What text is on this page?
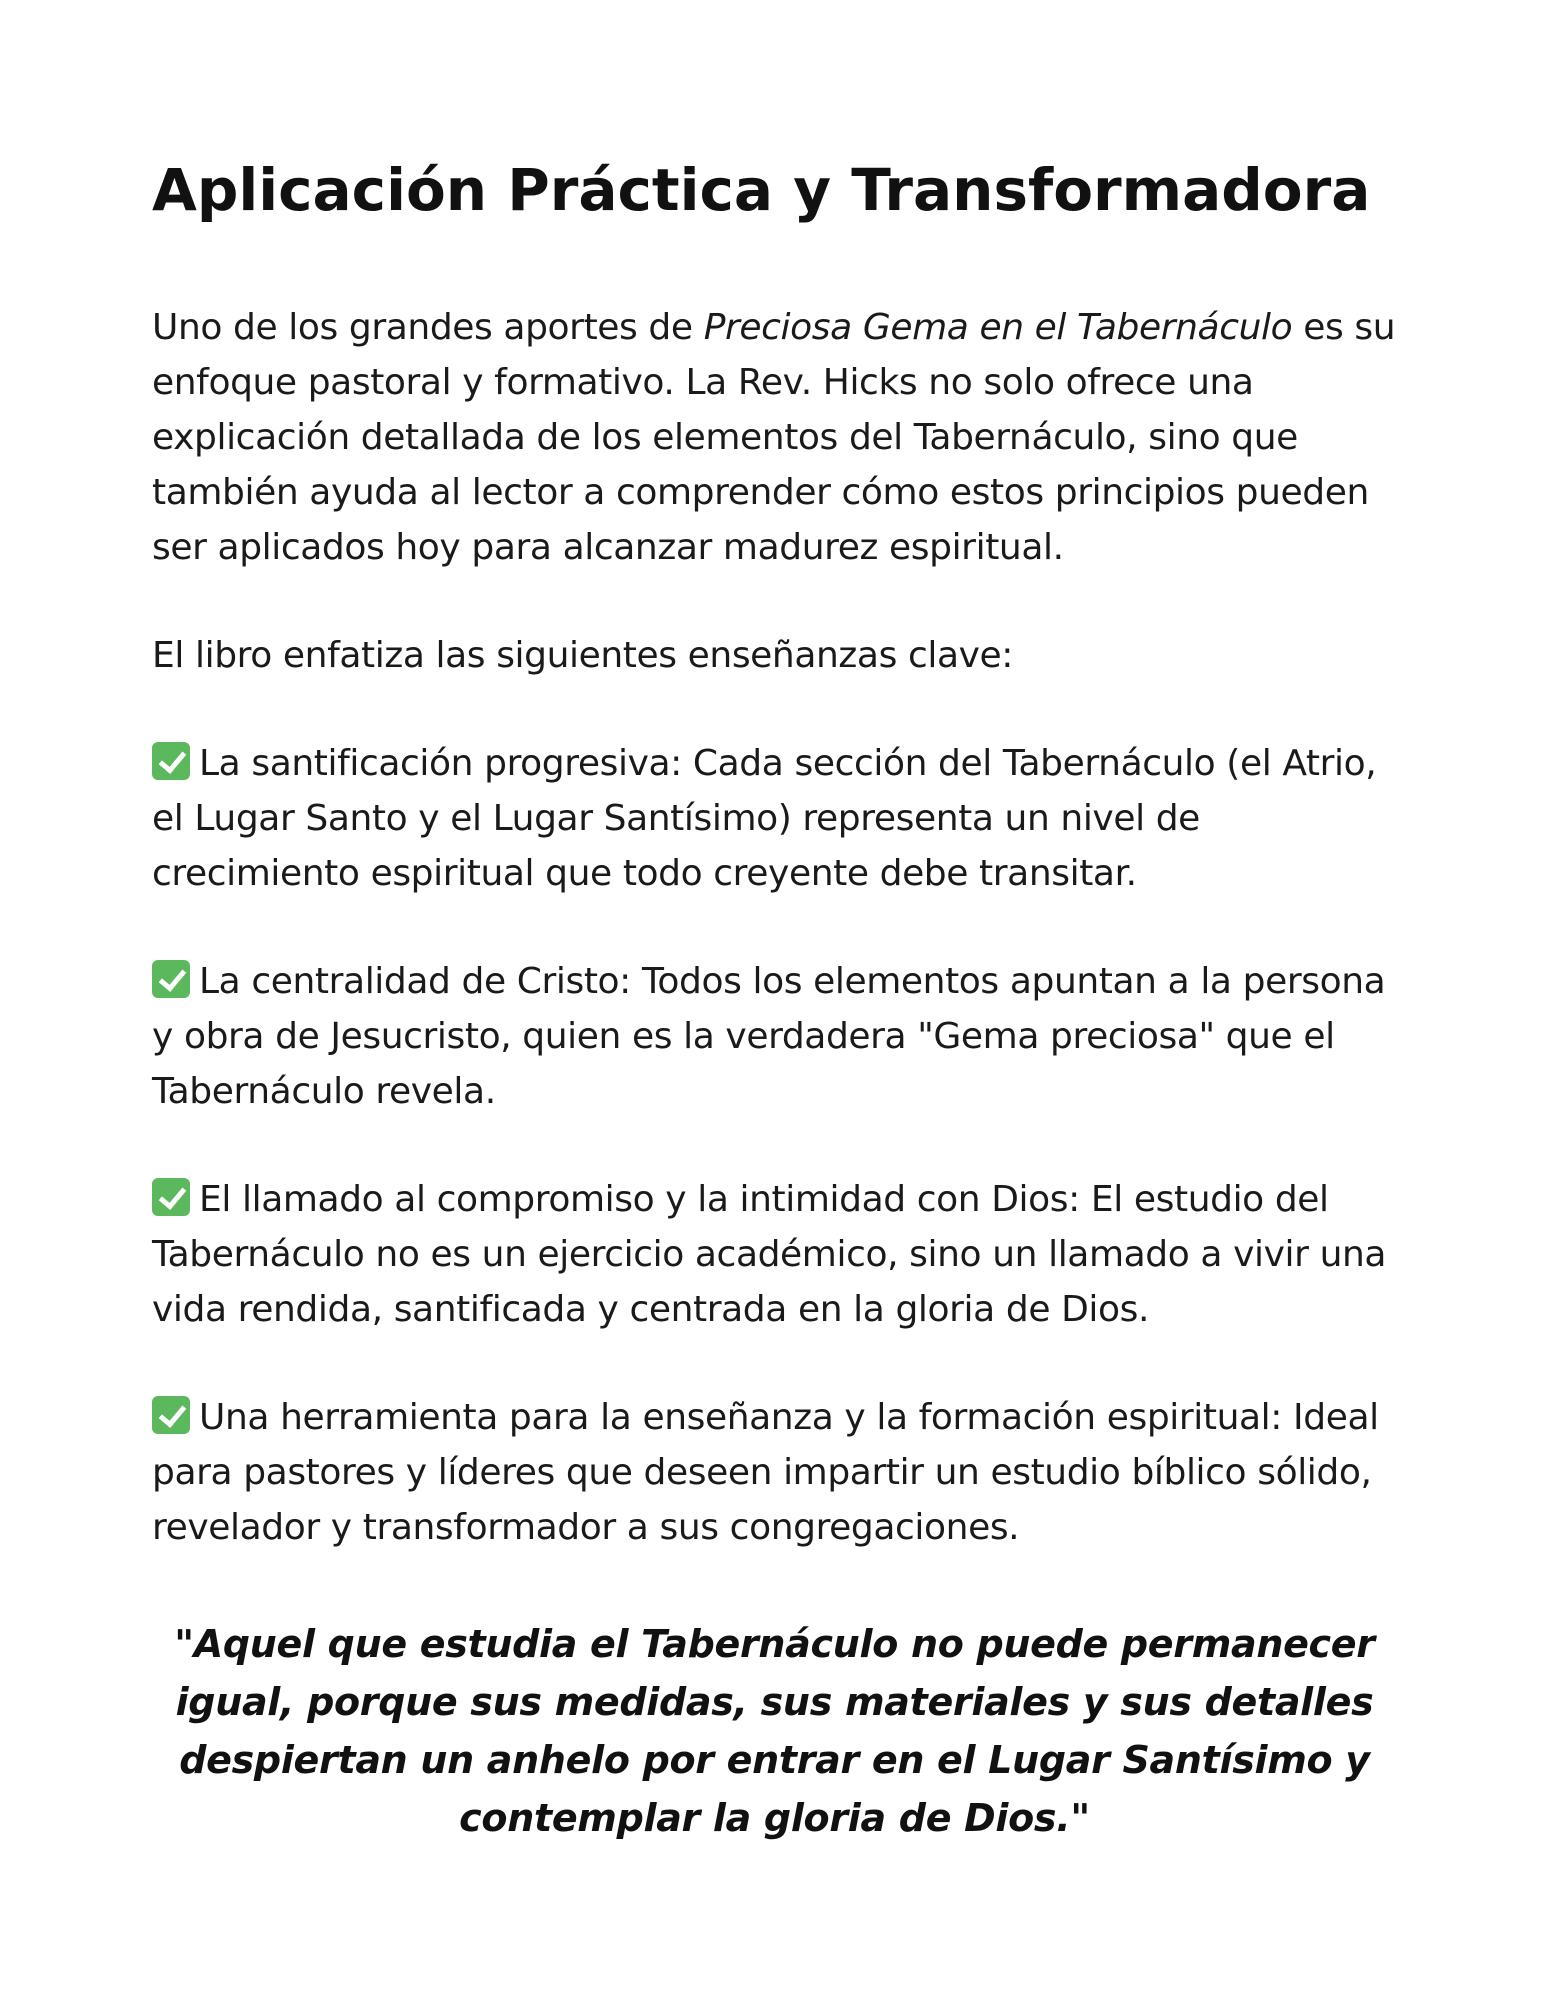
Aplicación Práctica y Transformadora

Uno de los grandes aportes de Preciosa Gema en el Tabernáculo es su enfoque pastoral y formativo. La Rev. Hicks no solo ofrece una explicación detallada de los elementos del Tabernáculo, sino que también ayuda al lector a comprender cómo estos principios pueden ser aplicados hoy para alcanzar madurez espiritual.

El libro enfatiza las siguientes enseñanzas clave:

La santificación progresiva: Cada sección del Tabernáculo (el Atrio, el Lugar Santo y el Lugar Santísimo) representa un nivel de crecimiento espiritual que todo creyente debe transitar.

La centralidad de Cristo: Todos los elementos apuntan a la persona y obra de Jesucristo, quien es la verdadera "Gema preciosa" que el Tabernáculo revela.

El llamado al compromiso y la intimidad con Dios: El estudio del Tabernáculo no es un ejercicio académico, sino un llamado a vivir una vida rendida, santificada y centrada en la gloria de Dios.

Una herramienta para la enseñanza y la formación espiritual: Ideal para pastores y líderes que deseen impartir un estudio bíblico sólido, revelador y transformador a sus congregaciones.

"Aquel que estudia el Tabernáculo no puede permanecer igual, porque sus medidas, sus materiales y sus detalles despiertan un anhelo por entrar en el Lugar Santísimo y contemplar la gloria de Dios."
